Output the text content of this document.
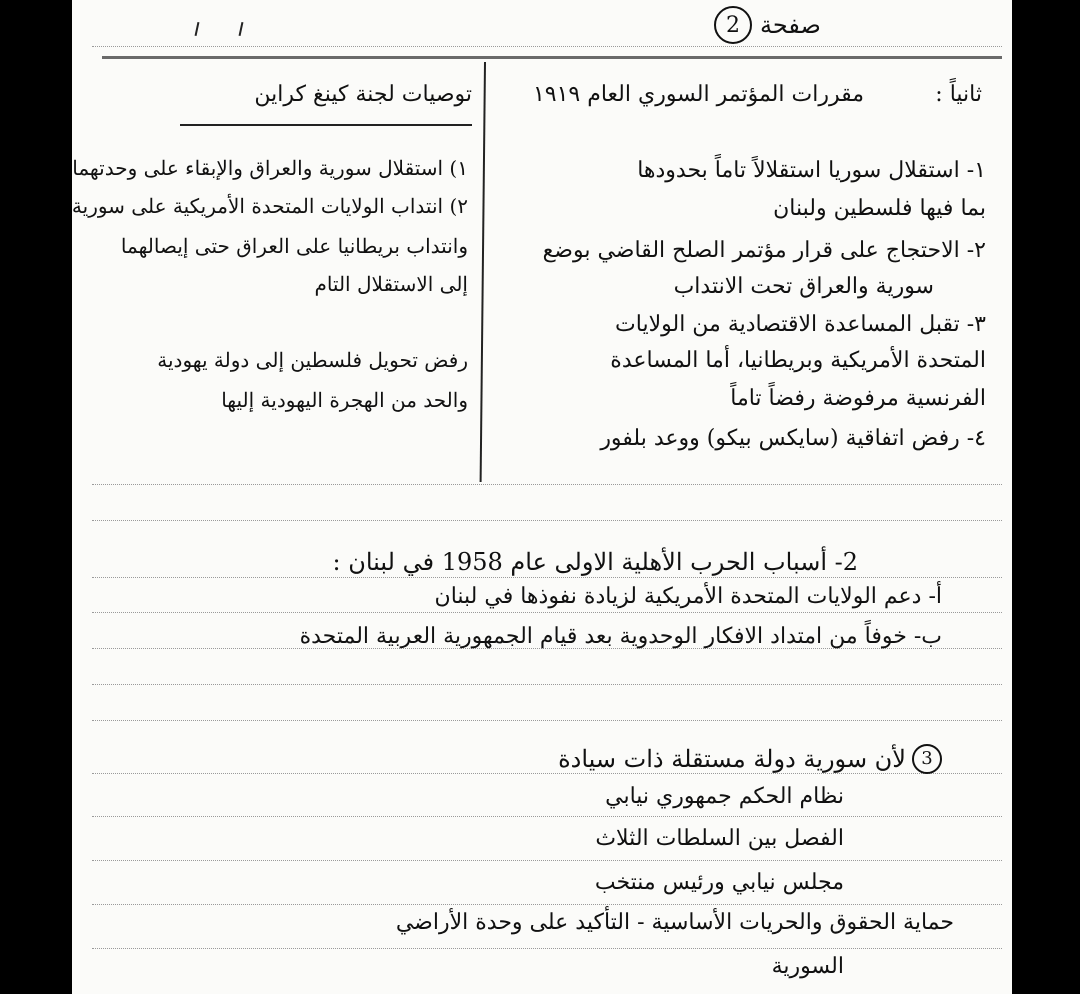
صفحة
2
ثانياً :
مقررات المؤتمر السوري العام ١٩١٩
توصيات لجنة كينغ كراين
١- استقلال سوريا استقلالاً تاماً بحدودها
بما فيها فلسطين ولبنان
٢- الاحتجاج على قرار مؤتمر الصلح القاضي بوضع
سورية والعراق تحت الانتداب
٣- تقبل المساعدة الاقتصادية من الولايات
المتحدة الأمريكية وبريطانيا، أما المساعدة
الفرنسية مرفوضة رفضاً تاماً
٤- رفض اتفاقية (سايكس بيكو) ووعد بلفور
١) استقلال سورية والعراق والإبقاء على وحدتهما
٢) انتداب الولايات المتحدة الأمريكية على سورية
وانتداب بريطانيا على العراق حتى إيصالهما
إلى الاستقلال التام
رفض تحويل فلسطين إلى دولة يهودية
والحد من الهجرة اليهودية إليها
2- أسباب الحرب الأهلية الاولى عام 1958 في لبنان :
أ- دعم الولايات المتحدة الأمريكية لزيادة نفوذها في لبنان
ب- خوفاً من امتداد الافكار الوحدوية بعد قيام الجمهورية العربية المتحدة
3
لأن سورية دولة مستقلة ذات سيادة
نظام الحكم جمهوري نيابي
الفصل بين السلطات الثلاث
مجلس نيابي ورئيس منتخب
حماية الحقوق والحريات الأساسية - التأكيد على وحدة الأراضي
السورية
